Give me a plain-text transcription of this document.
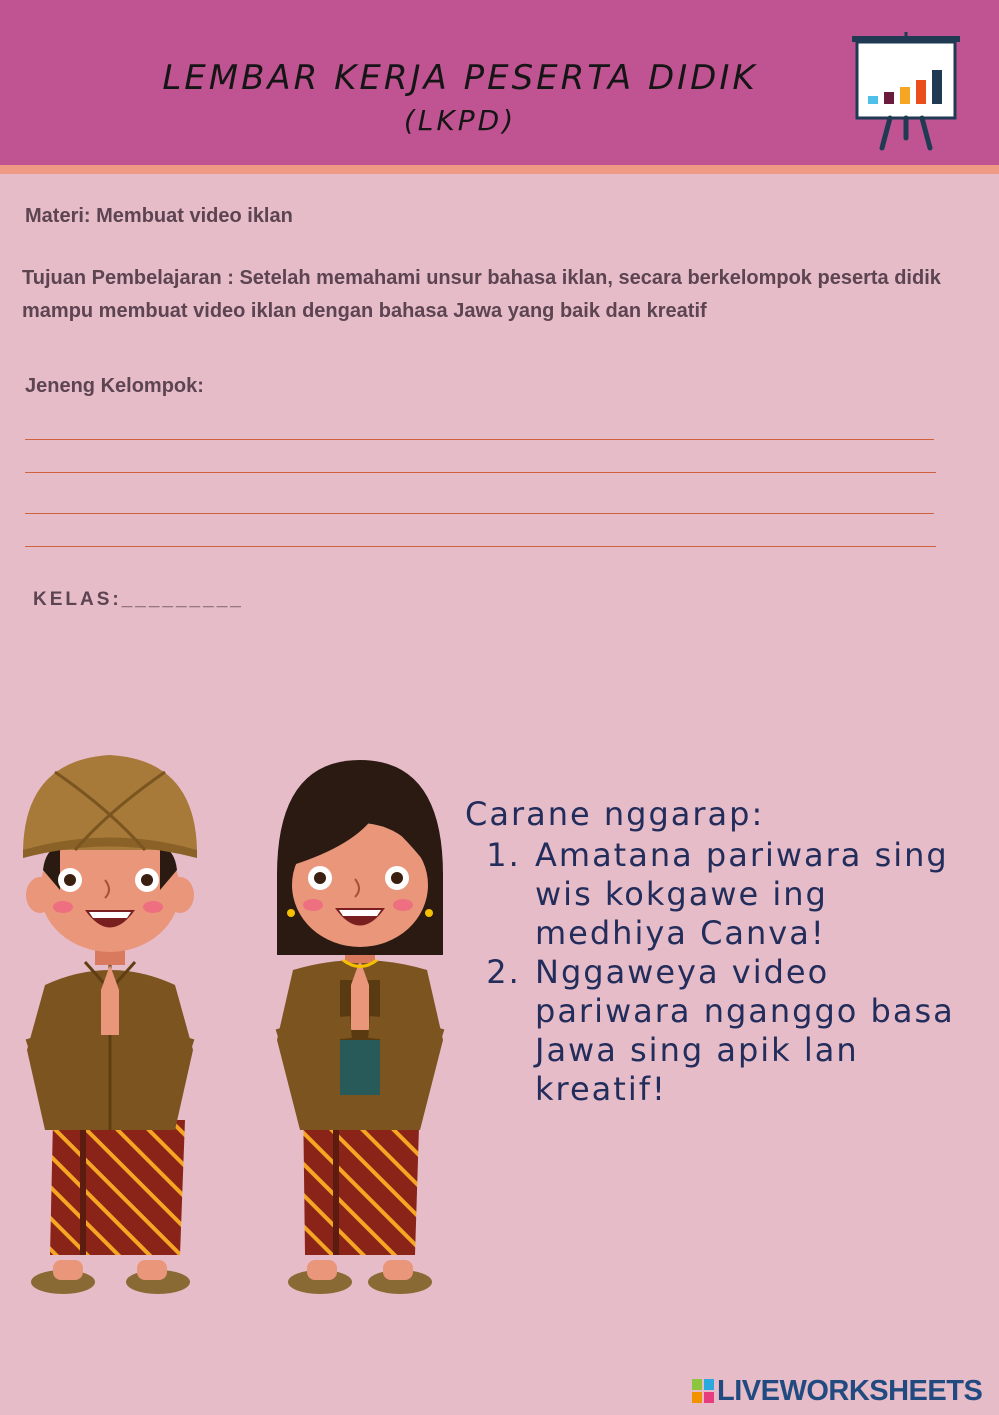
LEMBAR KERJA PESERTA DIDIK
(LKPD)
Materi: Membuat video iklan
Tujuan Pembelajaran : Setelah memahami unsur bahasa iklan, secara berkelompok peserta didik mampu membuat video iklan dengan bahasa Jawa yang baik dan kreatif
Jeneng Kelompok:
KELAS:_________
Carane nggarap:
1. Amatana pariwara sing wis kokgawe ing medhiya Canva!
2. Nggaweya video pariwara nganggo basa Jawa sing apik lan kreatif!
LIVEWORKSHEETS
